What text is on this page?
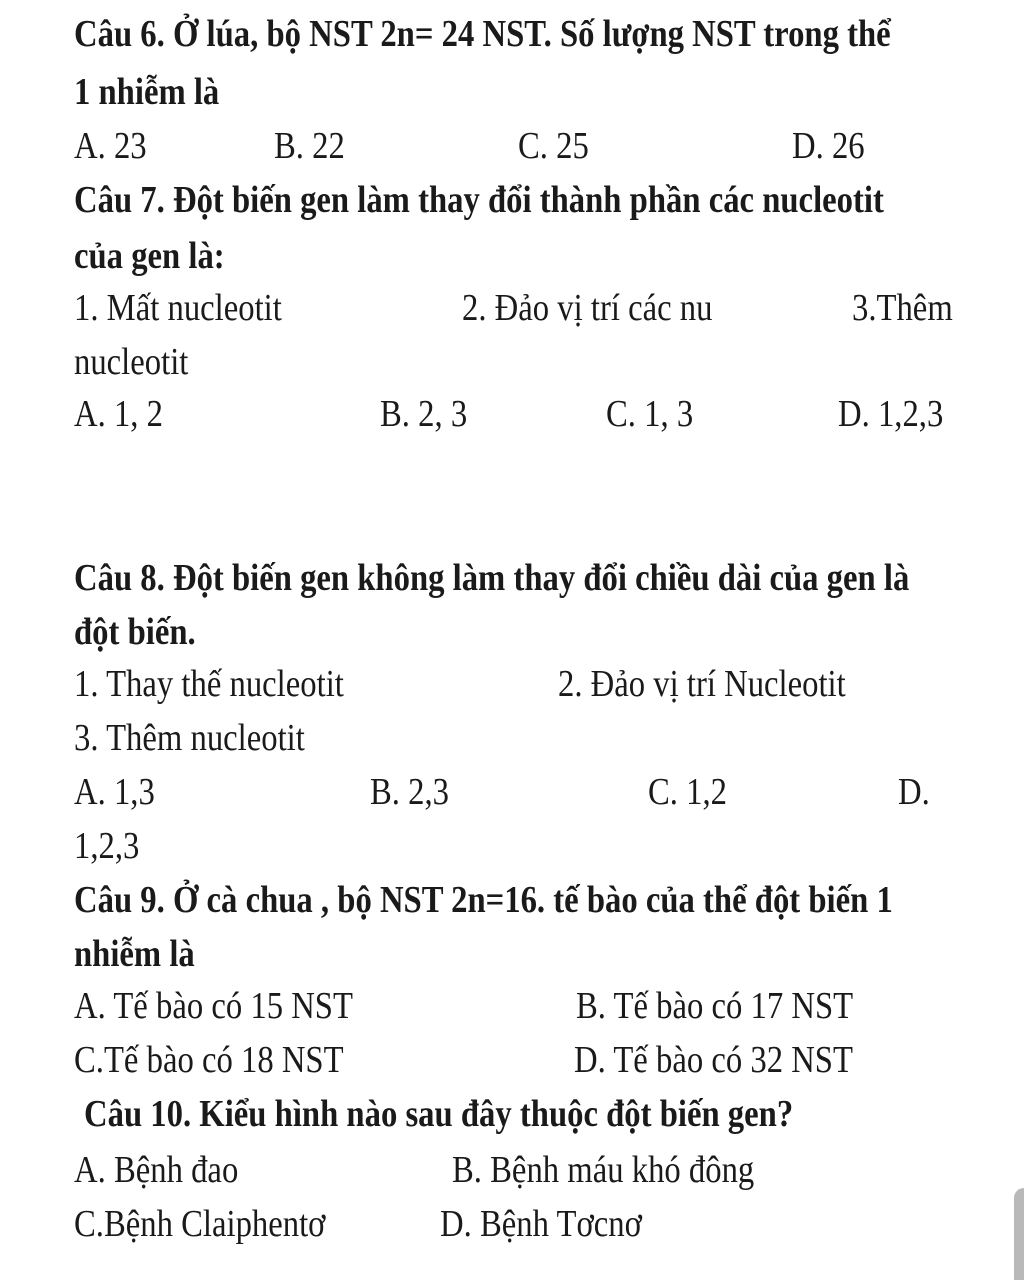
Câu 6. Ở lúa, bộ NST 2n= 24 NST. Số lượng NST trong thể
1 nhiễm là
A. 23	B. 22	C. 25	D. 26
Câu 7. Đột biến gen làm thay đổi thành phần các nucleotit
của gen là:
1. Mất nucleotit	2. Đảo vị trí các nu	3.Thêm
nucleotit
A. 1, 2	B. 2, 3	C. 1, 3	D. 1,2,3
Câu 8. Đột biến gen không làm thay đổi chiều dài của gen là
đột biến.
1. Thay thế nucleotit	2. Đảo vị trí Nucleotit
3. Thêm nucleotit
A. 1,3	B. 2,3	C. 1,2	D.
1,2,3
Câu 9. Ở cà chua , bộ NST 2n=16. tế bào của thể đột biến 1
nhiễm là
A. Tế bào có 15 NST	B. Tế bào có 17 NST
C.Tế bào có 18 NST	D. Tế bào có 32 NST
Câu 10. Kiểu hình nào sau đây thuộc đột biến gen?
A. Bệnh đao	B. Bệnh máu khó đông
C.Bệnh Claiphentơ	D. Bệnh Tơcnơ
